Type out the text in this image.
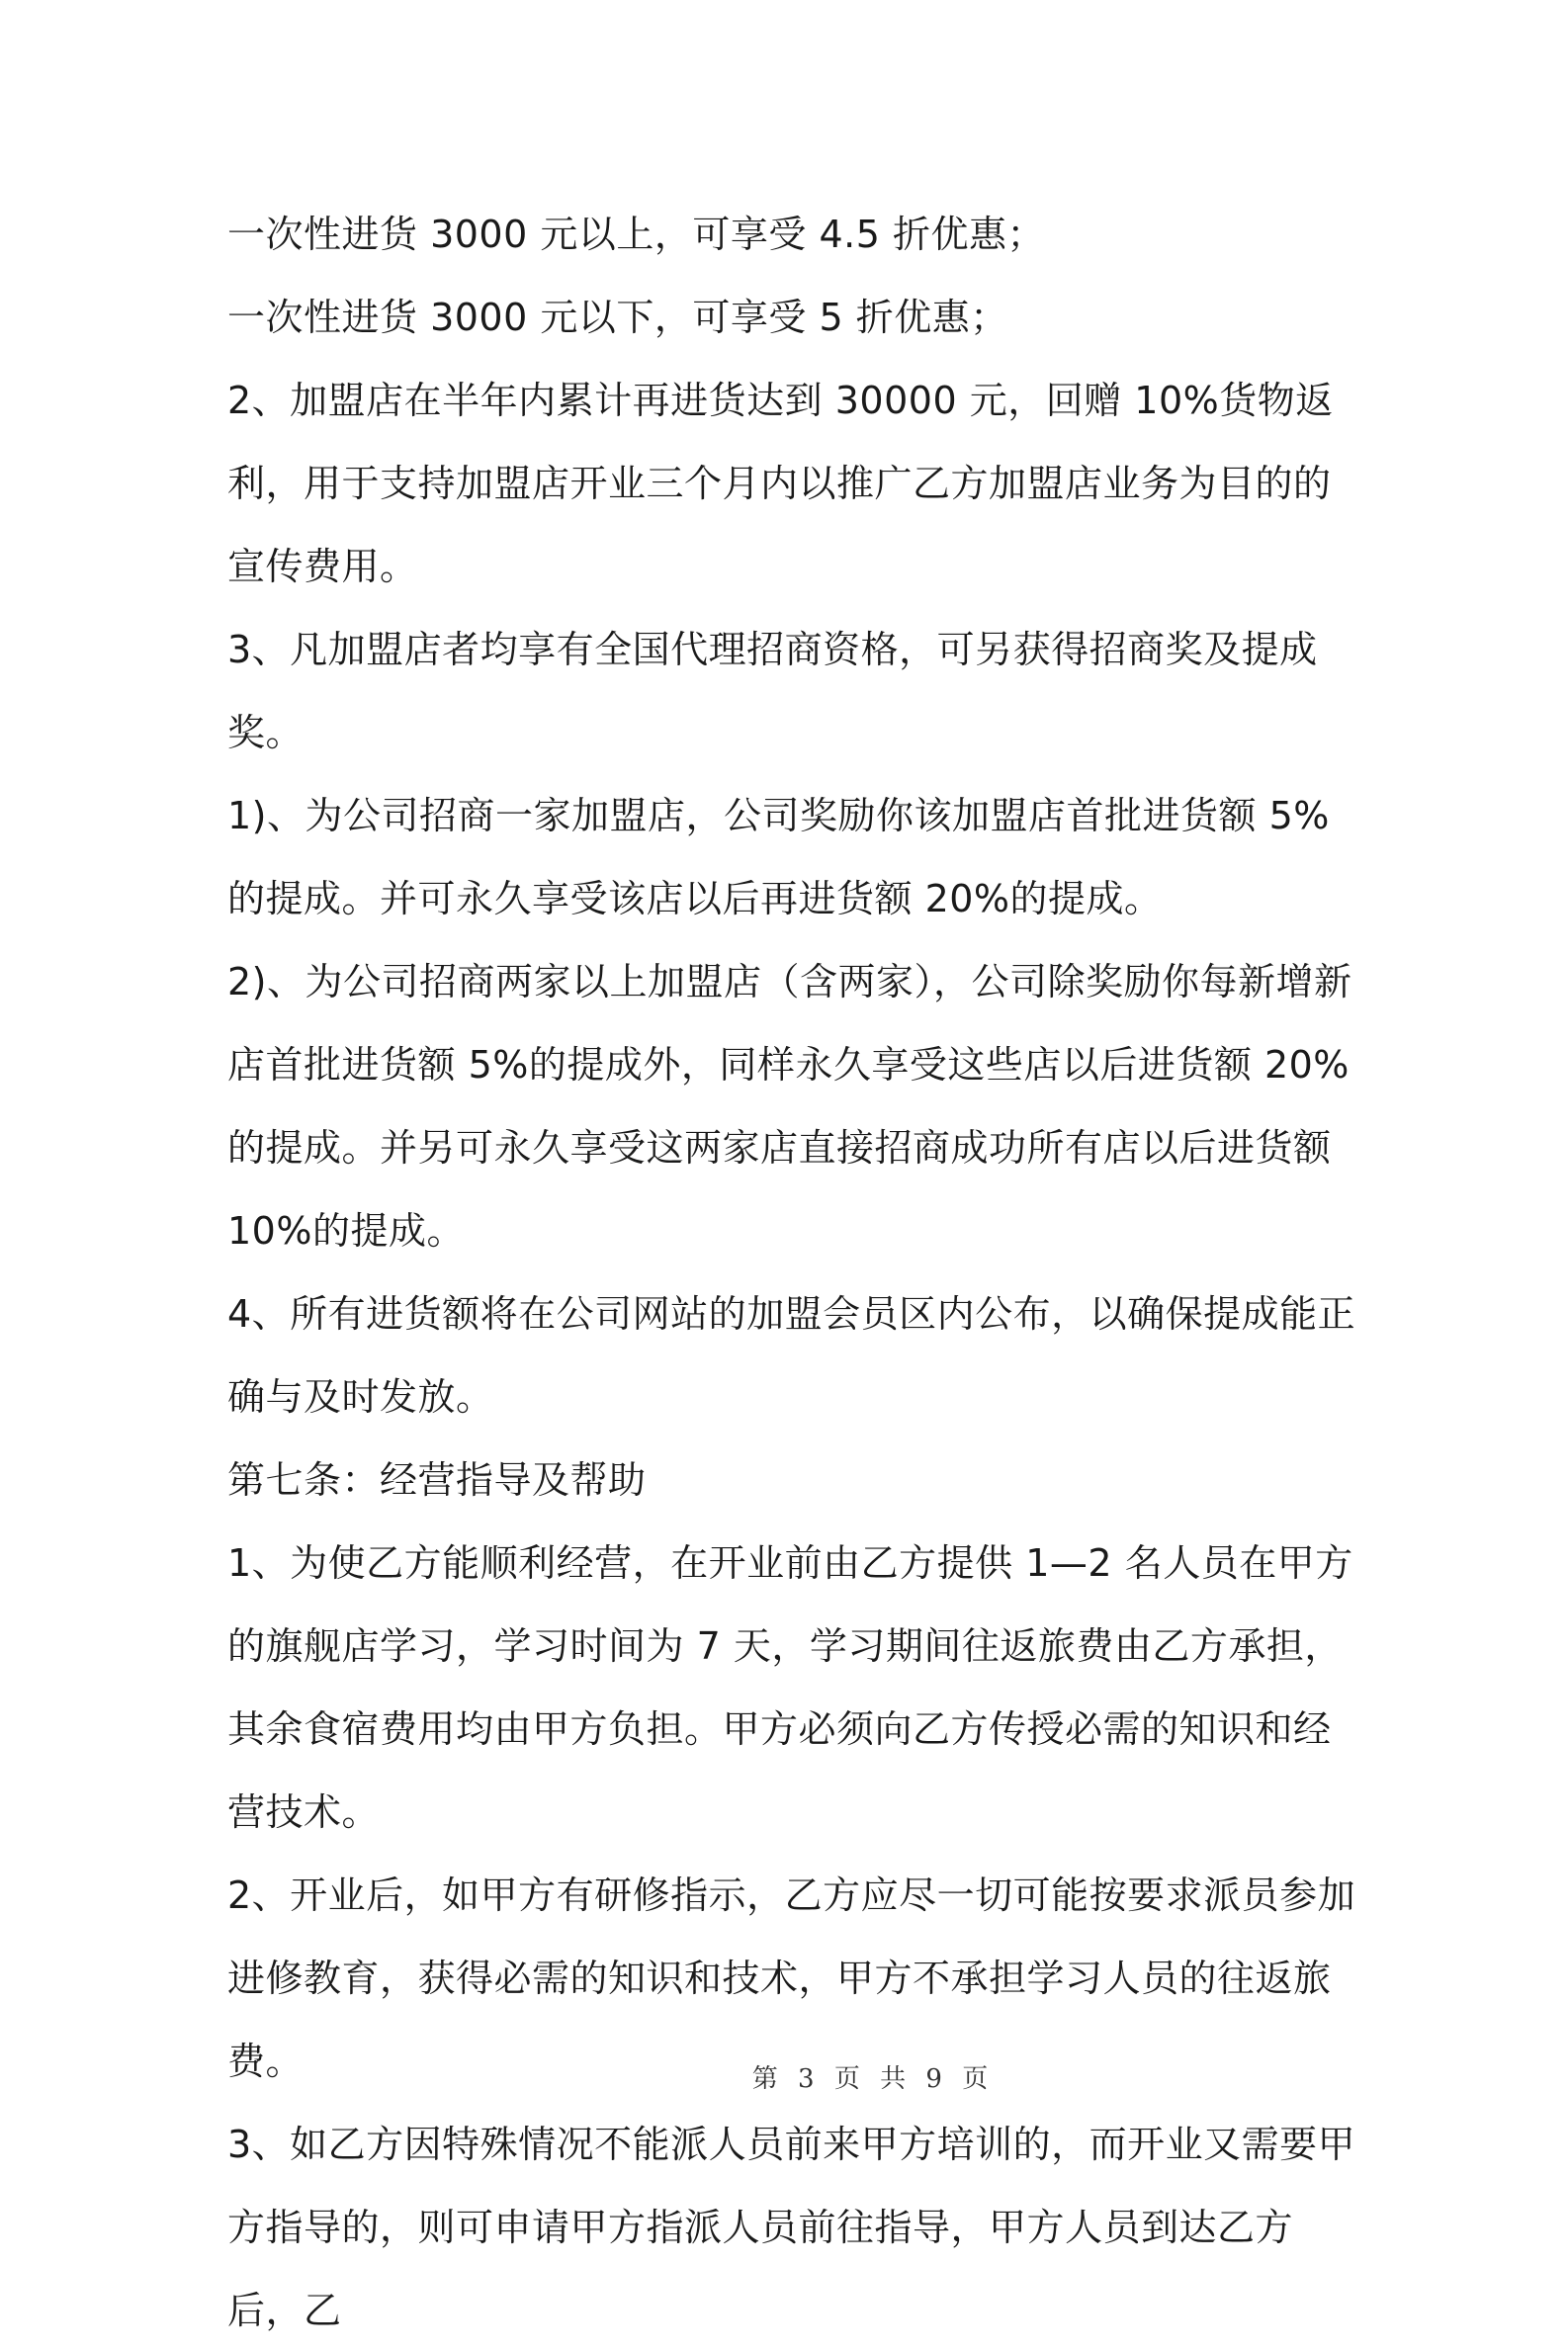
一次性进货 3000 元以上，可享受 4.5 折优惠；

一次性进货 3000 元以下，可享受 5 折优惠；

2、加盟店在半年内累计再进货达到 30000 元，回赠 10%货物返利，用于支持加盟店开业三个月内以推广乙方加盟店业务为目的的宣传费用。

3、凡加盟店者均享有全国代理招商资格，可另获得招商奖及提成奖。

1)、为公司招商一家加盟店，公司奖励你该加盟店首批进货额 5%的提成。并可永久享受该店以后再进货额 20%的提成。

2)、为公司招商两家以上加盟店（含两家），公司除奖励你每新增新店首批进货额 5%的提成外，同样永久享受这些店以后进货额 20%的提成。并另可永久享受这两家店直接招商成功所有店以后进货额 10%的提成。

4、所有进货额将在公司网站的加盟会员区内公布，以确保提成能正确与及时发放。

第七条：经营指导及帮助

1、为使乙方能顺利经营，在开业前由乙方提供 1—2 名人员在甲方的旗舰店学习，学习时间为 7 天，学习期间往返旅费由乙方承担，其余食宿费用均由甲方负担。甲方必须向乙方传授必需的知识和经营技术。

2、开业后，如甲方有研修指示，乙方应尽一切可能按要求派员参加进修教育，获得必需的知识和技术，甲方不承担学习人员的往返旅费。

3、如乙方因特殊情况不能派人员前来甲方培训的，而开业又需要甲方指导的，则可申请甲方指派人员前往指导，甲方人员到达乙方后，乙

第 3 页 共 9 页
